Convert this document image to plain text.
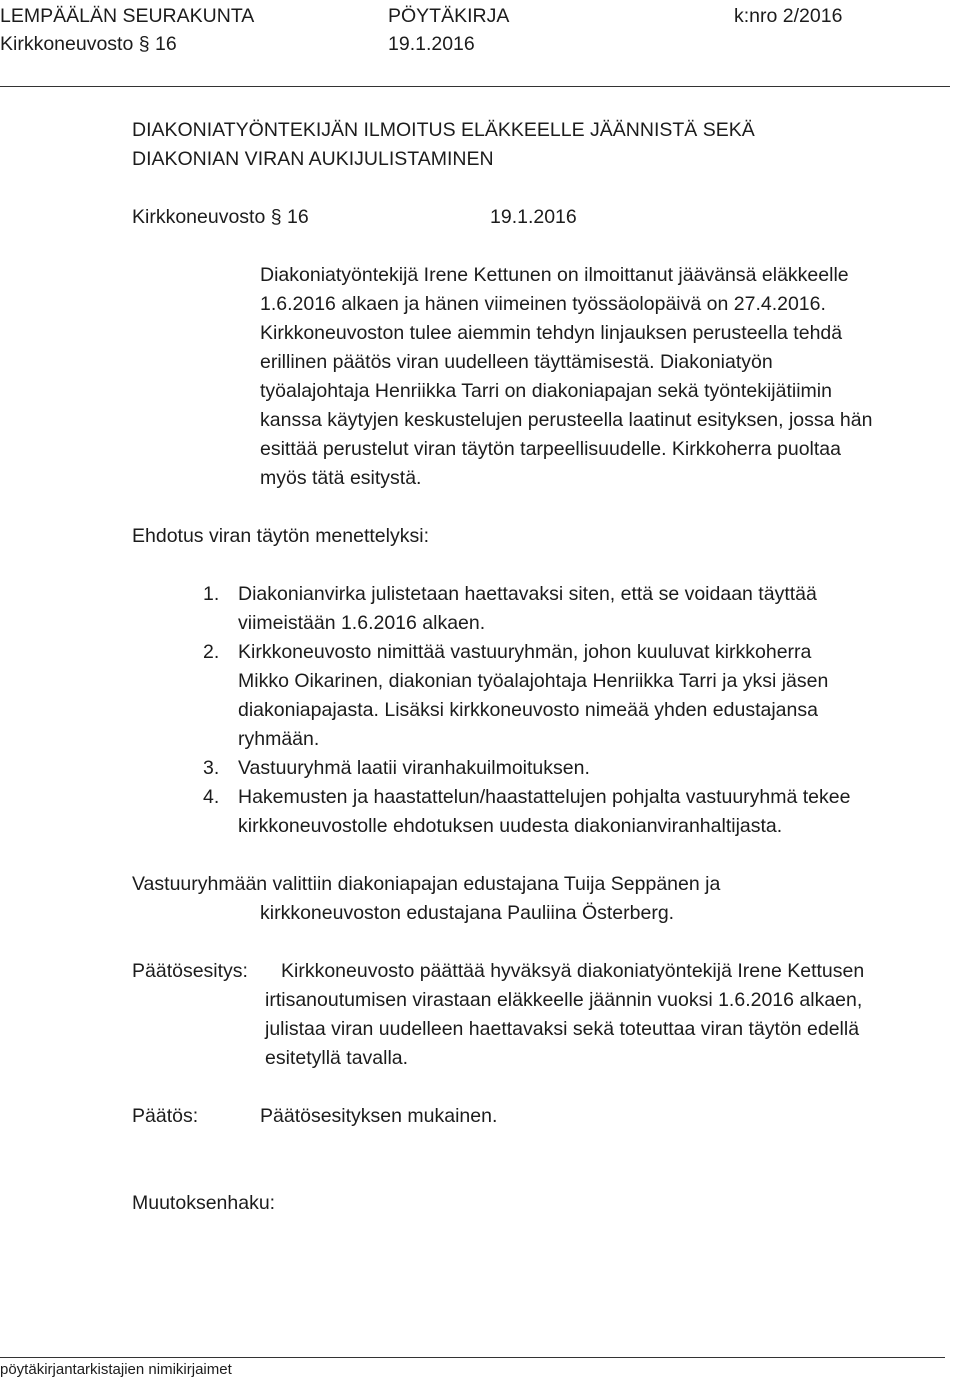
LEMPÄÄLÄN SEURAKUNTA	PÖYTÄKIRJA	k:nro 2/2016
Kirkkoneuvosto § 16	19.1.2016
DIAKONIATYÖNTEKIJÄN ILMOITUS ELÄKKEELLE JÄÄNNISTÄ SEKÄ
DIAKONIAN VIRAN AUKIJULISTAMINEN
Kirkkoneuvosto § 16	19.1.2016
Diakoniatyöntekijä Irene Kettunen on ilmoittanut jäävänsä eläkkeelle
1.6.2016 alkaen ja hänen viimeinen työssäolopäivä on 27.4.2016.
Kirkkoneuvoston tulee aiemmin tehdyn linjauksen perusteella tehdä
erillinen päätös viran uudelleen täyttämisestä. Diakoniatyön
työalajohtaja Henriikka Tarri on diakoniapajan sekä työntekijätiimin
kanssa käytyjen keskustelujen perusteella laatinut esityksen, jossa hän
esittää perustelut viran täytön tarpeellisuudelle. Kirkkoherra puoltaa
myös tätä esitystä.
Ehdotus viran täytön menettelyksi:
1. Diakonianvirka julistetaan haettavaksi siten, että se voidaan täyttää
viimeistään 1.6.2016 alkaen.
2. Kirkkoneuvosto nimittää vastuuryhmän, johon kuuluvat kirkkoherra
Mikko Oikarinen, diakonian työalajohtaja Henriikka Tarri ja yksi jäsen
diakoniapajasta. Lisäksi kirkkoneuvosto nimeää yhden edustajansa
ryhmään.
3. Vastuuryhmä laatii viranhakuilmoituksen.
4. Hakemusten ja haastattelun/haastattelujen pohjalta vastuuryhmä tekee
kirkkoneuvostolle ehdotuksen uudesta diakonianviranhaltijasta.
Vastuuryhmään valittiin diakoniapajan edustajana Tuija Seppänen ja
kirkkoneuvoston edustajana Pauliina Österberg.
Päätösesitys: Kirkkoneuvosto päättää hyväksyä diakoniatyöntekijä Irene Kettusen
irtisanoutumisen virastaan eläkkeelle jäännin vuoksi 1.6.2016 alkaen,
julistaa viran uudelleen haettavaksi sekä toteuttaa viran täytön edellä
esitetyllä tavalla.
Päätös:	Päätösesityksen mukainen.
Muutoksenhaku:
pöytäkirjantarkistajien nimikirjaimet
